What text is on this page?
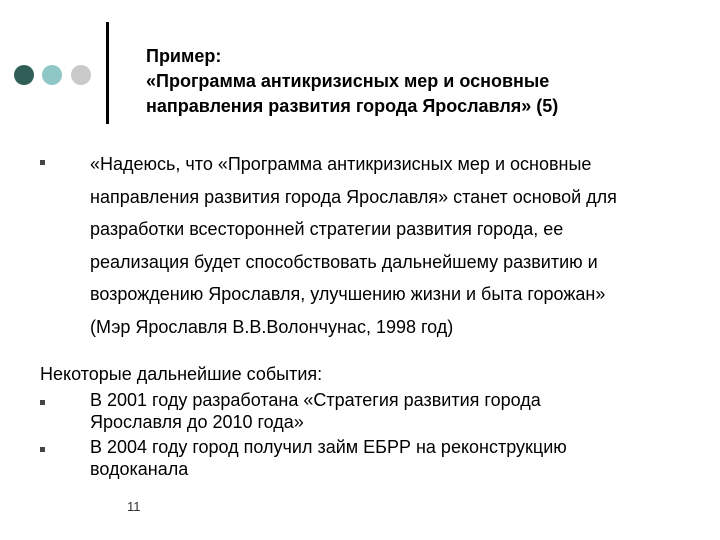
Пример:
«Программа антикризисных мер и основные
направления развития города Ярославля» (5)
«Надеюсь, что «Программа антикризисных мер и основные
направления развития города Ярославля» станет основой для
разработки всесторонней стратегии развития города, ее
реализация будет способствовать дальнейшему развитию и
возрождению Ярославля, улучшению жизни и быта горожан»
(Мэр Ярославля В.В.Волончунас, 1998 год)
Некоторые дальнейшие события:
В 2001 году разработана «Стратегия развития города
Ярославля до 2010 года»
В 2004 году город получил займ ЕБРР на реконструкцию
водоканала
11
